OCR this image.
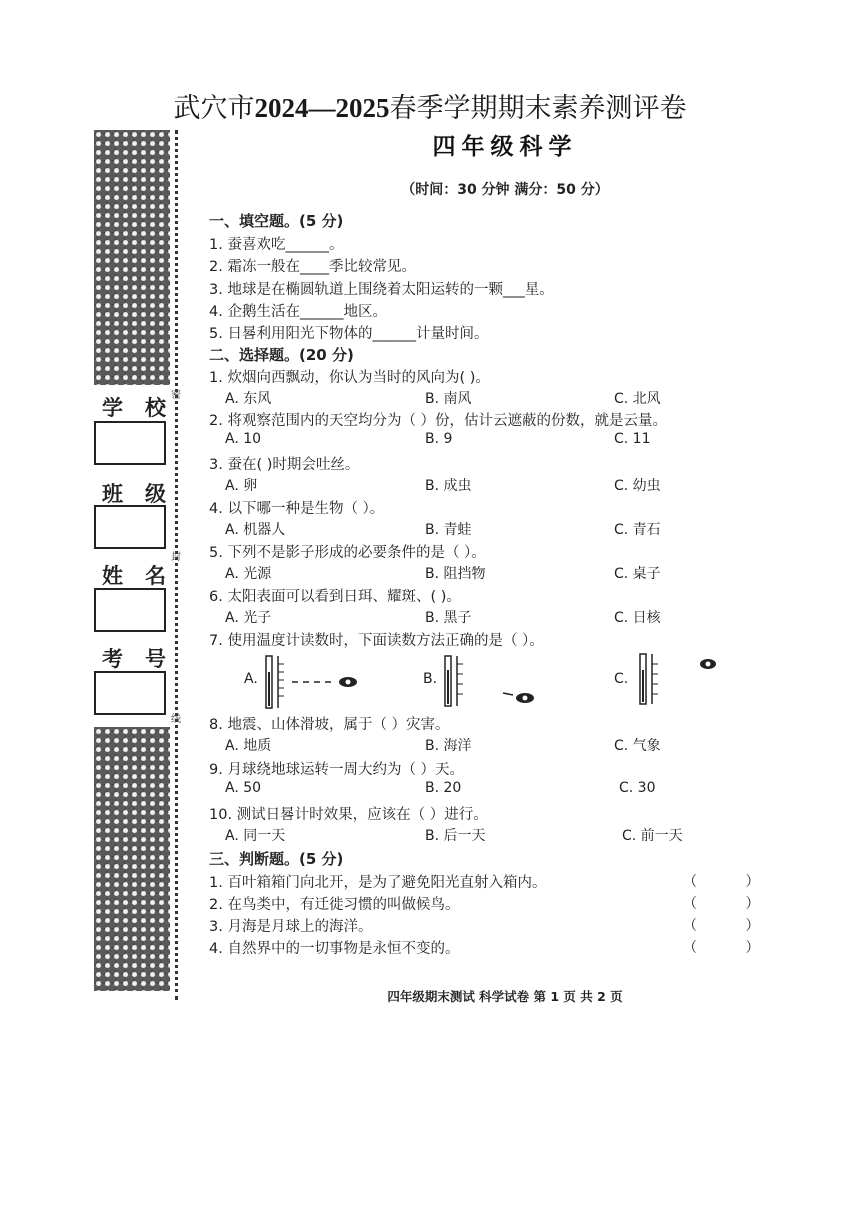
武穴市2024—2025春季学期期末素养测评卷
四年级科学
（时间：30 分钟 满分：50 分）
学 校
班 级
姓 名
考 号
密
封
线
一、填空题。(5 分)
1. 蚕喜欢吃______。
2. 霜冻一般在____季比较常见。
3. 地球是在椭圆轨道上围绕着太阳运转的一颗___星。
4. 企鹅生活在______地区。
5. 日晷利用阳光下物体的______计量时间。
二、选择题。(20 分)
1. 炊烟向西飘动，你认为当时的风向为( )。
A. 东风	B. 南风	C. 北风
2. 将观察范围内的天空均分为（ ）份，估计云遮蔽的份数，就是云量。
A. 10	B. 9	C. 11
3. 蚕在( )时期会吐丝。
A. 卵	B. 成虫	C. 幼虫
4. 以下哪一种是生物（ ）。
A. 机器人	B. 青蛙	C. 青石
5. 下列不是影子形成的必要条件的是（ ）。
A. 光源	B. 阻挡物	C. 桌子
6. 太阳表面可以看到日珥、耀斑、( )。
A. 光子	B. 黑子	C. 日核
7. 使用温度计读数时，下面读数方法正确的是（ ）。
A.	B.	C.
8. 地震、山体滑坡，属于（ ）灾害。
A. 地质	B. 海洋	C. 气象
9. 月球绕地球运转一周大约为（ ）天。
A. 50	B. 20	C. 30
10. 测试日晷计时效果，应该在（ ）进行。
A. 同一天	B. 后一天	C. 前一天
三、判断题。(5 分)
1. 百叶箱箱门向北开，是为了避免阳光直射入箱内。	（ ）
2. 在鸟类中，有迁徙习惯的叫做候鸟。	（ ）
3. 月海是月球上的海洋。	（ ）
4. 自然界中的一切事物是永恒不变的。	（ ）
四年级期末测试 科学试卷 第 1 页 共 2 页
